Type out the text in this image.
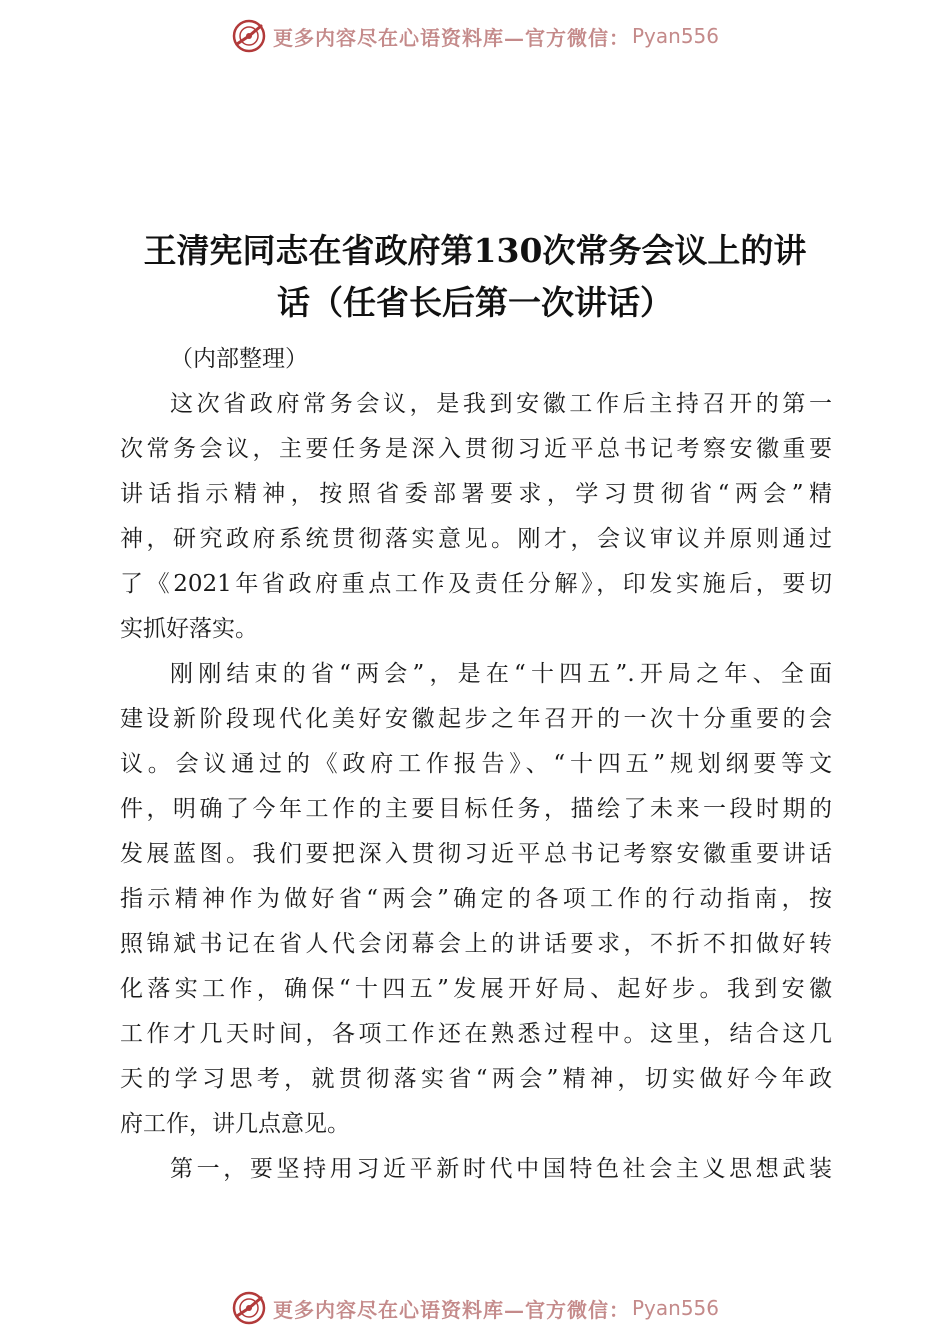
更多内容尽在心语资料库—官方微信： Pyan556
王清宪同志在省政府第130次常务会议上的讲
话（任省长后第一次讲话）
（内部整理）
这次省政府常务会议，是我到安徽工作后主持召开的第一
次常务会议，主要任务是深入贯彻习近平总书记考察安徽重要
讲话指示精神，按照省委部署要求，学习贯彻省“两会”精
神，研究政府系统贯彻落实意见。刚才，会议审议并原则通过
了《2021年省政府重点工作及责任分解》，印发实施后，要切
实抓好落实。
刚刚结束的省“两会”，是在“十四五”.开局之年、全面
建设新阶段现代化美好安徽起步之年召开的一次十分重要的会
议。会议通过的《政府工作报告》、“十四五”规划纲要等文
件，明确了今年工作的主要目标任务，描绘了未来一段时期的
发展蓝图。我们要把深入贯彻习近平总书记考察安徽重要讲话
指示精神作为做好省“两会”确定的各项工作的行动指南，按
照锦斌书记在省人代会闭幕会上的讲话要求，不折不扣做好转
化落实工作，确保“十四五”发展开好局、起好步。我到安徽
工作才几天时间，各项工作还在熟悉过程中。这里，结合这几
天的学习思考，就贯彻落实省“两会”精神，切实做好今年政
府工作，讲几点意见。
第一，要坚持用习近平新时代中国特色社会主义思想武装
更多内容尽在心语资料库—官方微信： Pyan556
